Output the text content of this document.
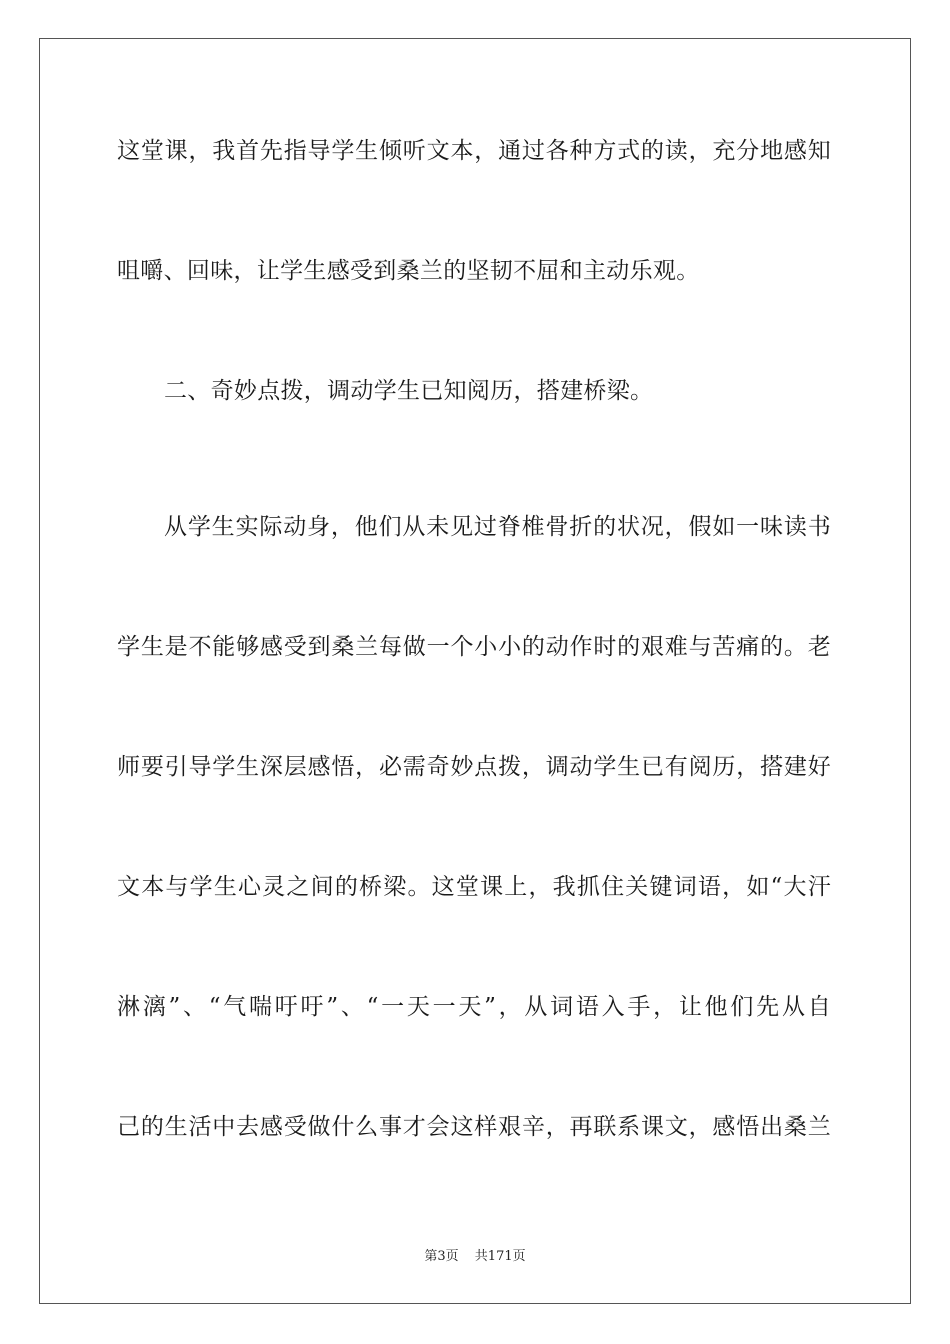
这堂课，我首先指导学生倾听文本，通过各种方式的读，充分地感知
咀嚼、回味，让学生感受到桑兰的坚韧不屈和主动乐观。
二、奇妙点拨，调动学生已知阅历，搭建桥梁。
从学生实际动身，他们从未见过脊椎骨折的状况，假如一味读书
学生是不能够感受到桑兰每做一个小小的动作时的艰难与苦痛的。老
师要引导学生深层感悟，必需奇妙点拨，调动学生已有阅历，搭建好
文本与学生心灵之间的桥梁。这堂课上，我抓住关键词语，如“大汗
淋漓”、“气喘吁吁”、“一天一天”，从词语入手，让他们先从自
己的生活中去感受做什么事才会这样艰辛，再联系课文，感悟出桑兰
第3页 共171页
